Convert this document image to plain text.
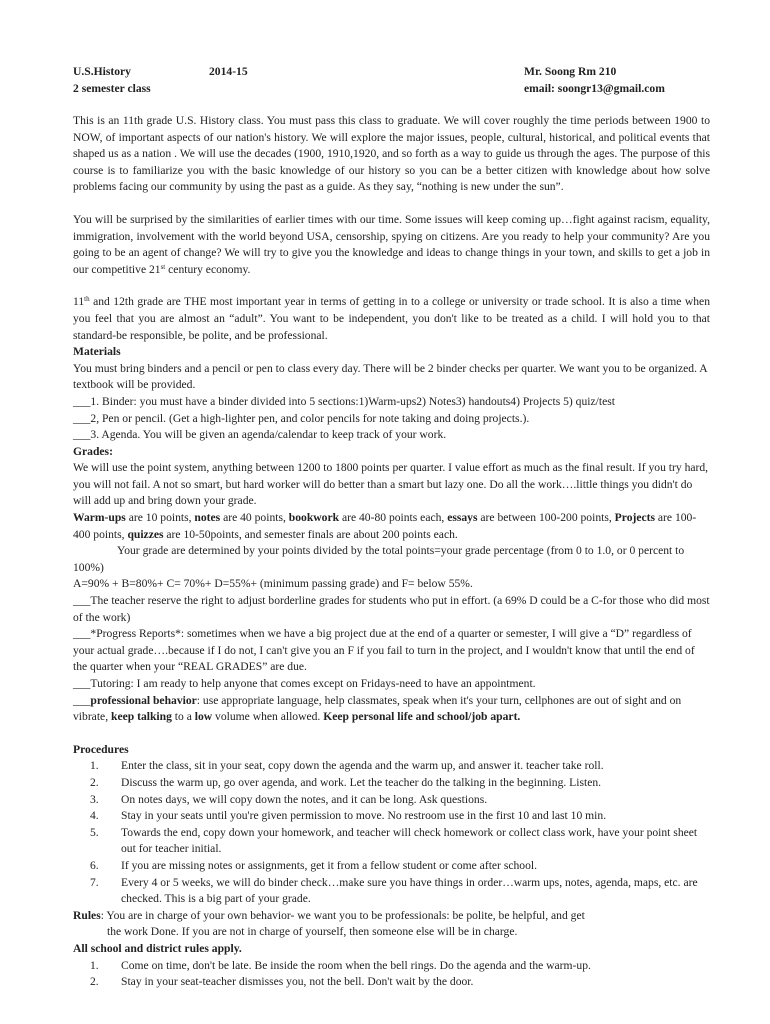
U.S.History
2 semester class
2014-15	Mr. Soong Rm 210
email: soongr13@gmail.com

This is an 11th grade U.S. History class. You must pass this class to graduate. We will cover roughly the time periods between 1900 to NOW, of important aspects of our nation's history. We will explore the major issues, people, cultural, historical, and political events that shaped us as a nation . We will use the decades (1900, 1910,1920, and so forth as a way to guide us through the ages. The purpose of this course is to familiarize you with the basic knowledge of our history so you can be a better citizen with knowledge about how solve problems facing our community by using the past as a guide. As they say, “nothing is new under the sun”.

You will be surprised by the similarities of earlier times with our time. Some issues will keep coming up…fight against racism, equality, immigration, involvement with the world beyond USA, censorship, spying on citizens. Are you ready to help your community? Are you going to be an agent of change? We will try to give you the knowledge and ideas to change things in your town, and skills to get a job in our competitive 21st century economy.

11th and 12th grade are THE most important year in terms of getting in to a college or university or trade school. It is also a time when you feel that you are almost an “adult”. You want to be independent, you don't like to be treated as a child. I will hold you to that standard-be responsible, be polite, and be professional.

Materials
You must bring binders and a pencil or pen to class every day. There will be 2 binder checks per quarter. We want you to be organized. A textbook will be provided.
___1. Binder: you must have a binder divided into 5 sections:1)Warm-ups2) Notes3) handouts4) Projects 5) quiz/test
___2, Pen or pencil. (Get a high-lighter pen, and color pencils for note taking and doing projects.).
___3. Agenda. You will be given an agenda/calendar to keep track of your work.
Grades:
We will use the point system, anything between 1200 to 1800 points per quarter. I value effort as much as the final result. If you try hard, you will not fail. A not so smart, but hard worker will do better than a smart but lazy one. Do all the work….little things you didn't do will add up and bring down your grade.
Warm-ups are 10 points, notes are 40 points, bookwork are 40-80 points each, essays are between 100-200 points, Projects are 100-400 points, quizzes are 10-50points, and semester finals are about 200 points each.
Your grade are determined by your points divided by the total points=your grade percentage (from 0 to 1.0, or 0 percent to 100%)
A=90% + B=80%+ C= 70%+ D=55%+ (minimum passing grade) and F= below 55%.
___The teacher reserve the right to adjust borderline grades for students who put in effort. (a 69% D could be a C-for those who did most of the work)
___*Progress Reports*: sometimes when we have a big project due at the end of a quarter or semester, I will give a “D” regardless of your actual grade….because if I do not, I can't give you an F if you fail to turn in the project, and I wouldn't know that until the end of the quarter when your “REAL GRADES” are due.
___Tutoring: I am ready to help anyone that comes except on Fridays-need to have an appointment.
___professional behavior: use appropriate language, help classmates, speak when it's your turn, cellphones are out of sight and on vibrate, keep talking to a low volume when allowed. Keep personal life and school/job apart.
Procedures
1. Enter the class, sit in your seat, copy down the agenda and the warm up, and answer it. teacher take roll.
2. Discuss the warm up, go over agenda, and work. Let the teacher do the talking in the beginning. Listen.
3. On notes days, we will copy down the notes, and it can be long. Ask questions.
4. Stay in your seats until you're given permission to move. No restroom use in the first 10 and last 10 min.
5. Towards the end, copy down your homework, and teacher will check homework or collect class work, have your point sheet out for teacher initial.
6. If you are missing notes or assignments, get it from a fellow student or come after school.
7. Every 4 or 5 weeks, we will do binder check…make sure you have things in order…warm ups, notes, agenda, maps, etc. are checked. This is a big part of your grade.
Rules: You are in charge of your own behavior- we want you to be professionals: be polite, be helpful, and get
the work Done. If you are not in charge of yourself, then someone else will be in charge.
All school and district rules apply.
1. Come on time, don't be late. Be inside the room when the bell rings. Do the agenda and the warm-up.
2. Stay in your seat-teacher dismisses you, not the bell. Don't wait by the door.
